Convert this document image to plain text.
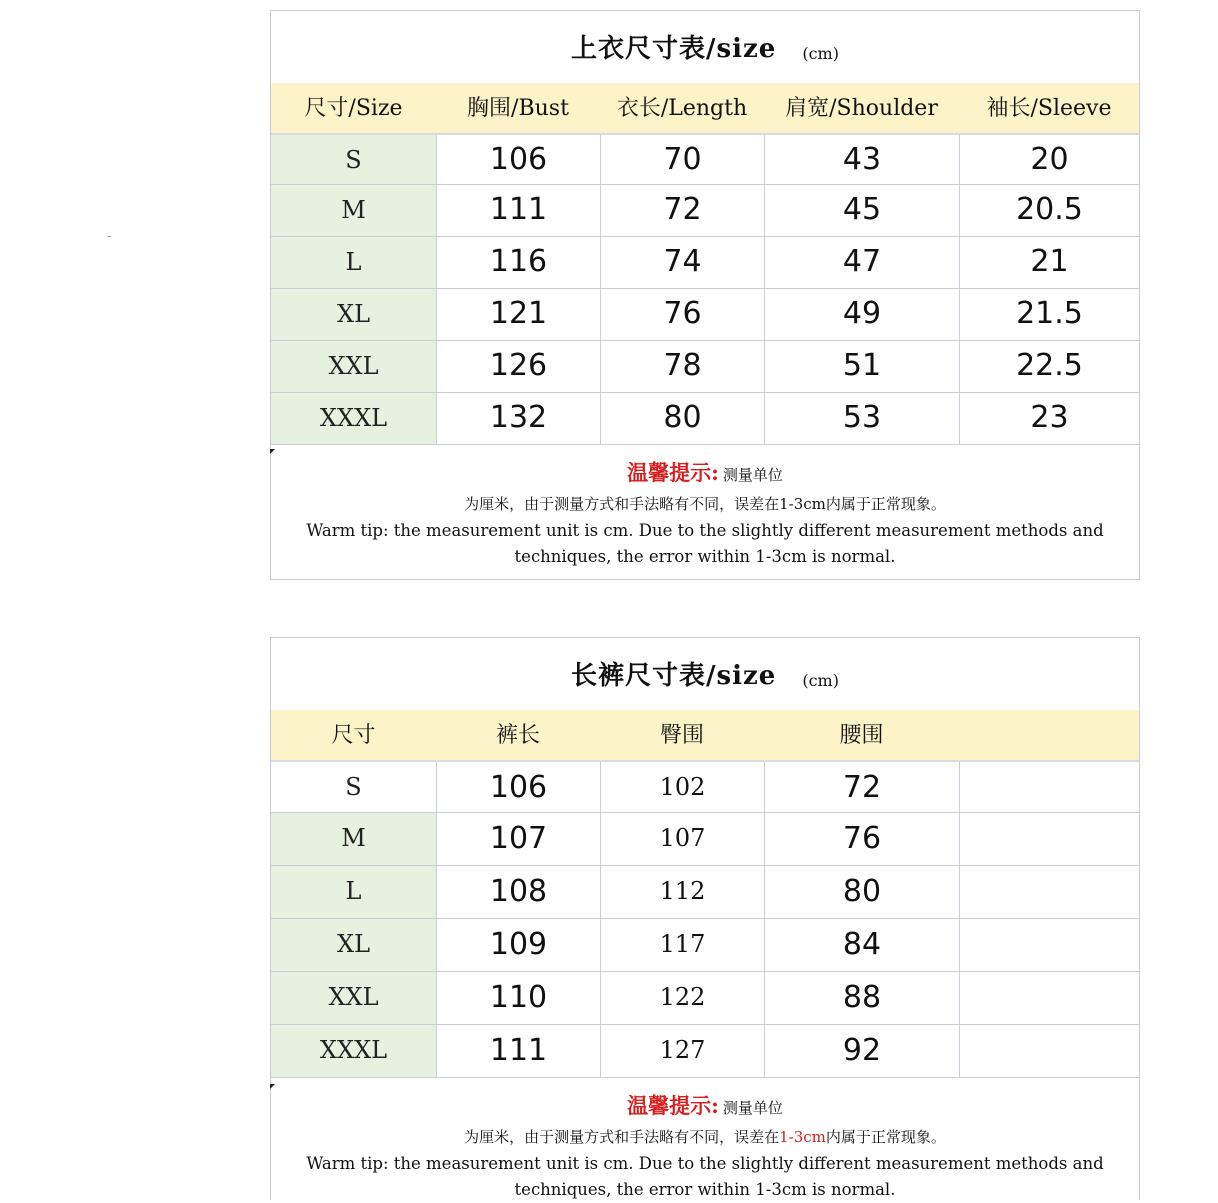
上衣尺寸表/size (cm)
尺寸/Size	胸围/Bust	衣长/Length	肩宽/Shoulder	袖长/Sleeve
S	106	70	43	20
M	111	72	45	20.5
L	116	74	47	21
XL	121	76	49	21.5
XXL	126	78	51	22.5
XXXL	132	80	53	23
温馨提示: 测量单位
为厘米，由于测量方式和手法略有不同，误差在1-3cm内属于正常现象。
Warm tip: the measurement unit is cm. Due to the slightly different measurement methods and techniques, the error within 1-3cm is normal.
长裤尺寸表/size (cm)
尺寸	裤长	臀围	腰围
S	106	102	72
M	107	107	76
L	108	112	80
XL	109	117	84
XXL	110	122	88
XXXL	111	127	92
温馨提示: 测量单位
为厘米，由于测量方式和手法略有不同，误差在1-3cm内属于正常现象。
Warm tip: the measurement unit is cm. Due to the slightly different measurement methods and techniques, the error within 1-3cm is normal.
